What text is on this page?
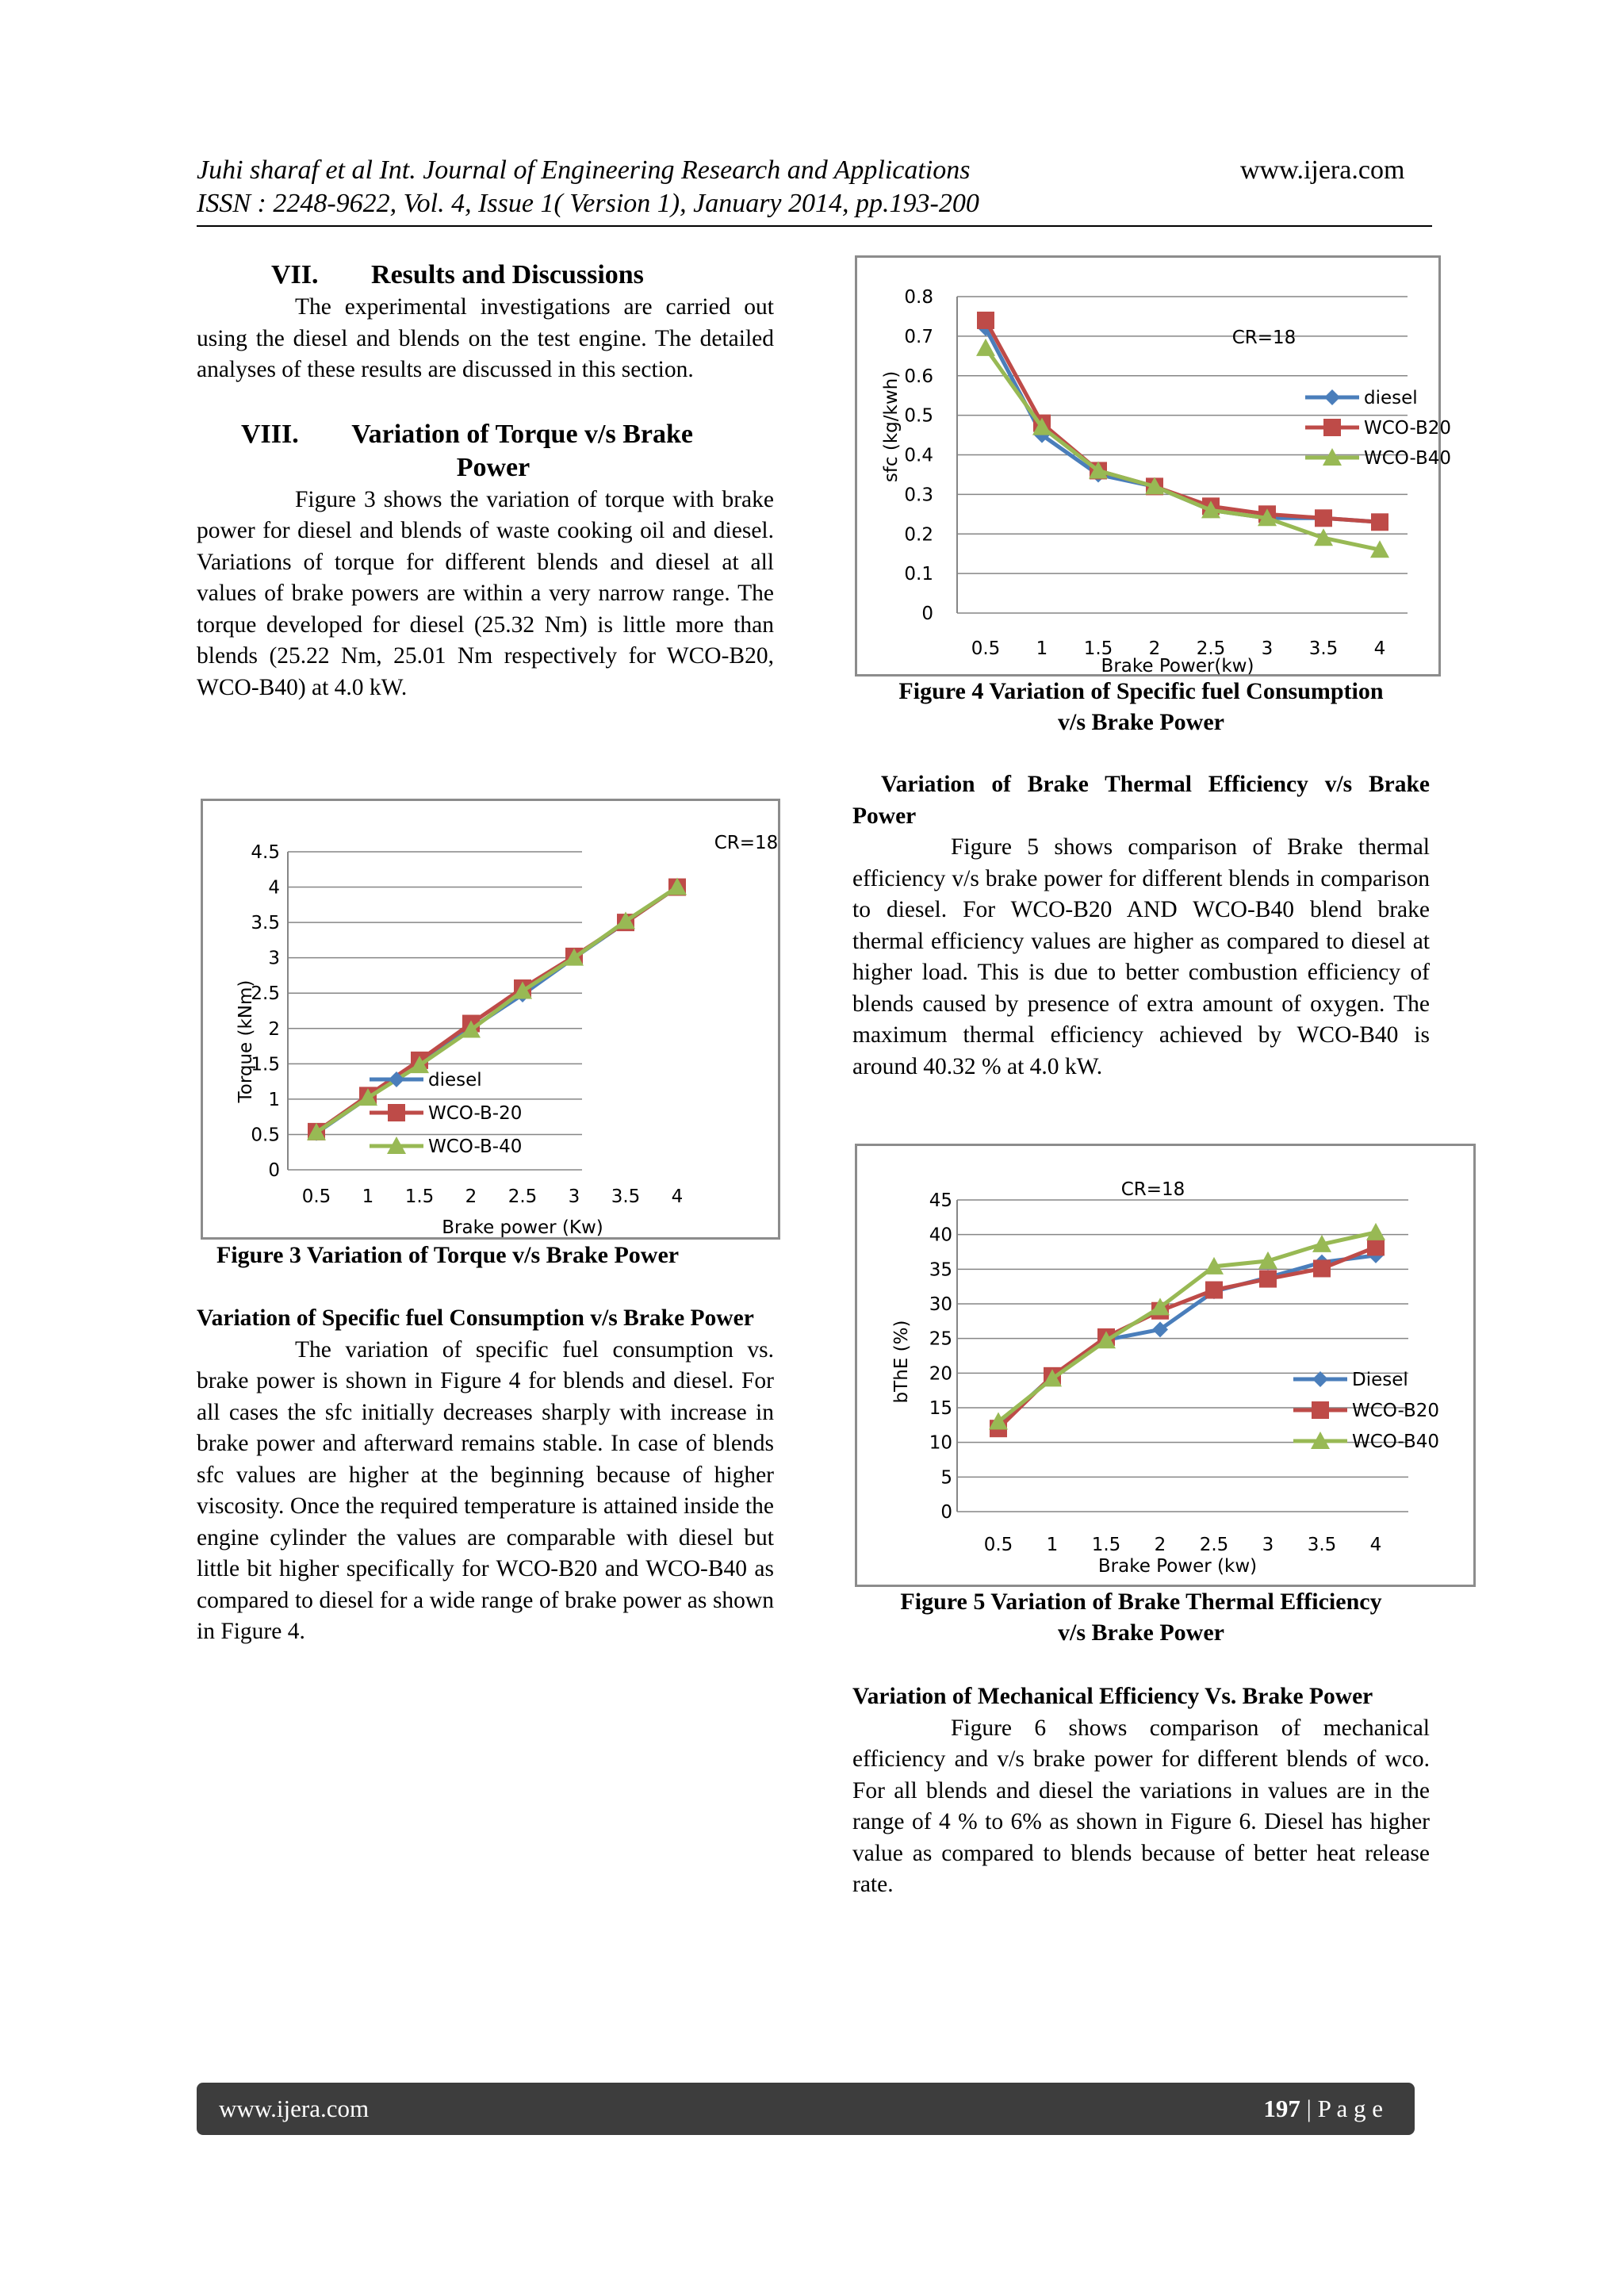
Juhi sharaf et al Int. Journal of Engineering Research and Applications	www.ijera.com
ISSN : 2248-9622, Vol. 4, Issue 1( Version 1), January 2014, pp.193-200
VII. Results and Discussions

The experimental investigations are carried out using the diesel and blends on the test engine. The detailed analyses of these results are discussed in this section.

VIII. Variation of Torque v/s Brake
Power

Figure 3 shows the variation of torque with brake power for diesel and blends of waste cooking oil and diesel. Variations of torque for different blends and diesel at all values of brake powers are within a very narrow range. The torque developed for diesel (25.32 Nm) is little more than blends (25.22 Nm, 25.01 Nm respectively for WCO-B20, WCO-B40) at 4.0 kW.

CR=18
Torque (kNm)
Brake power (Kw)
0
0.5
1
1.5
2
2.5
3
3.5
4
4.5
0.5 1 1.5 2 2.5 3 3.5 4
diesel
WCO-B-20
WCO-B-40
Figure 3 Variation of Torque v/s Brake Power

Variation of Specific fuel Consumption v/s Brake Power

The variation of specific fuel consumption vs. brake power is shown in Figure 4 for blends and diesel. For all cases the sfc initially decreases sharply with increase in brake power and afterward remains stable. In case of blends sfc values are higher at the beginning because of higher viscosity. Once the required temperature is attained inside the engine cylinder the values are comparable with diesel but little bit higher specifically for WCO-B20 and WCO-B40 as compared to diesel for a wide range of brake power as shown in Figure 4.

CR=18
sfc (kg/kwh)
Brake Power(kw)
0
0.1
0.2
0.3
0.4
0.5
0.6
0.7
0.8
0.5 1 1.5 2 2.5 3 3.5 4
diesel
WCO-B20
WCO-B40
Figure 4 Variation of Specific fuel Consumption
v/s Brake Power

Variation of Brake Thermal Efficiency v/s Brake Power

Figure 5 shows comparison of Brake thermal efficiency v/s brake power for different blends in comparison to diesel. For WCO-B20 AND WCO-B40 blend brake thermal efficiency values are higher as compared to diesel at higher load. This is due to better combustion efficiency of blends caused by presence of extra amount of oxygen. The maximum thermal efficiency achieved by WCO-B40 is around 40.32 % at 4.0 kW.

CR=18
bThE (%)
Brake Power (kw)
0
5
10
15
20
25
30
35
40
45
0.5 1 1.5 2 2.5 3 3.5 4
Diesel
WCO-B20
WCO-B40
Figure 5 Variation of Brake Thermal Efficiency
v/s Brake Power

Variation of Mechanical Efficiency Vs. Brake Power

Figure 6 shows comparison of mechanical efficiency and v/s brake power for different blends of wco. For all blends and diesel the variations in values are in the range of 4 % to 6% as shown in Figure 6. Diesel has higher value as compared to blends because of better heat release rate.

www.ijera.com	197 | P a g e
